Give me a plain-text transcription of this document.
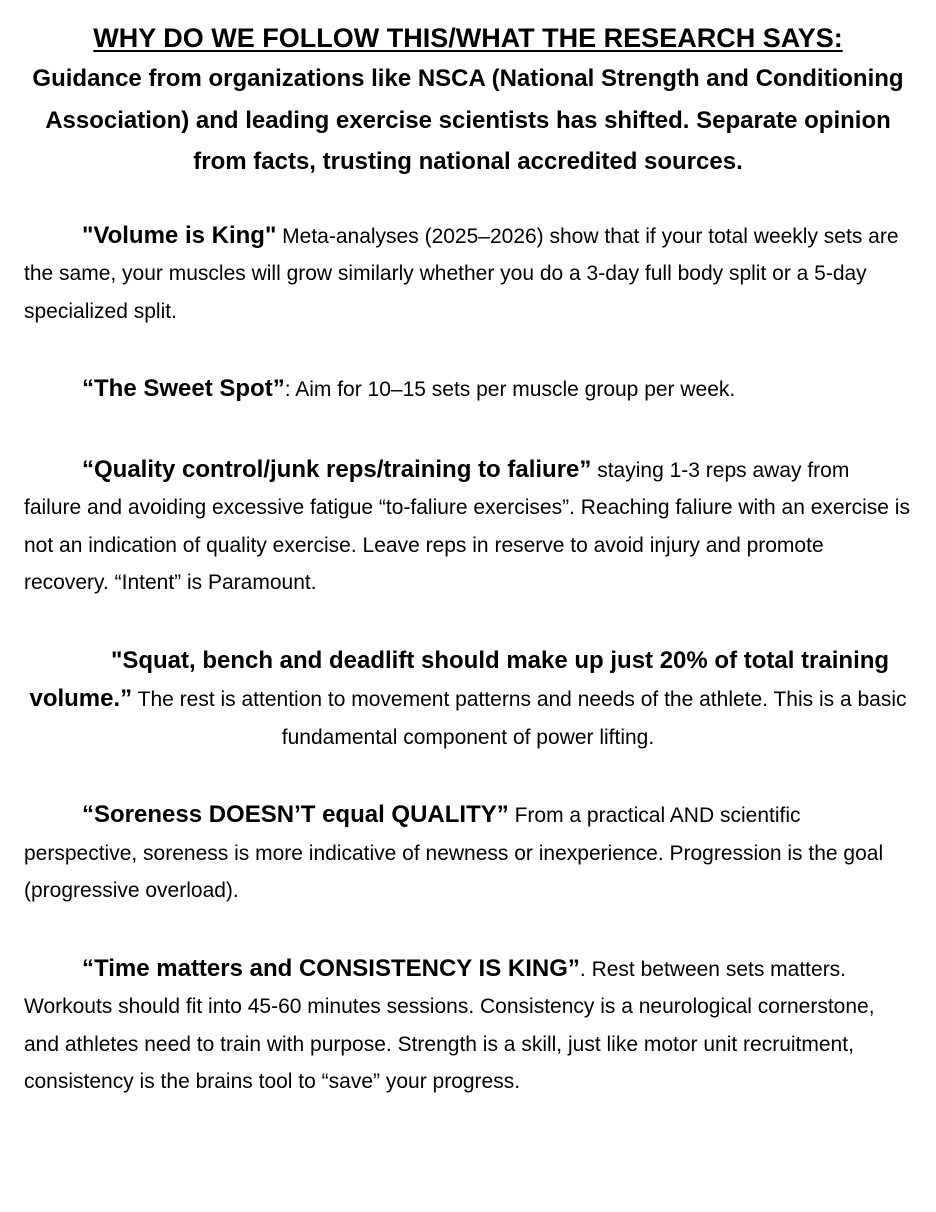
WHY DO WE FOLLOW THIS/WHAT THE RESEARCH SAYS:

Guidance from organizations like NSCA (National Strength and Conditioning Association) and leading exercise scientists has shifted. Separate opinion from facts, trusting national accredited sources.

"Volume is King" Meta-analyses (2025–2026) show that if your total weekly sets are the same, your muscles will grow similarly whether you do a 3-day full body split or a 5-day specialized split.

“The Sweet Spot”: Aim for 10–15 sets per muscle group per week.

“Quality control/junk reps/training to faliure” staying 1-3 reps away from failure and avoiding excessive fatigue “to-faliure exercises”. Reaching faliure with an exercise is not an indication of quality exercise. Leave reps in reserve to avoid injury and promote recovery. “Intent” is Paramount.

"Squat, bench and deadlift should make up just 20% of total training volume.” The rest is attention to movement patterns and needs of the athlete. This is a basic fundamental component of power lifting.

“Soreness DOESN’T equal QUALITY” From a practical AND scientific perspective, soreness is more indicative of newness or inexperience. Progression is the goal (progressive overload).

“Time matters and CONSISTENCY IS KING”. Rest between sets matters. Workouts should fit into 45-60 minutes sessions. Consistency is a neurological cornerstone, and athletes need to train with purpose. Strength is a skill, just like motor unit recruitment, consistency is the brains tool to “save” your progress.
